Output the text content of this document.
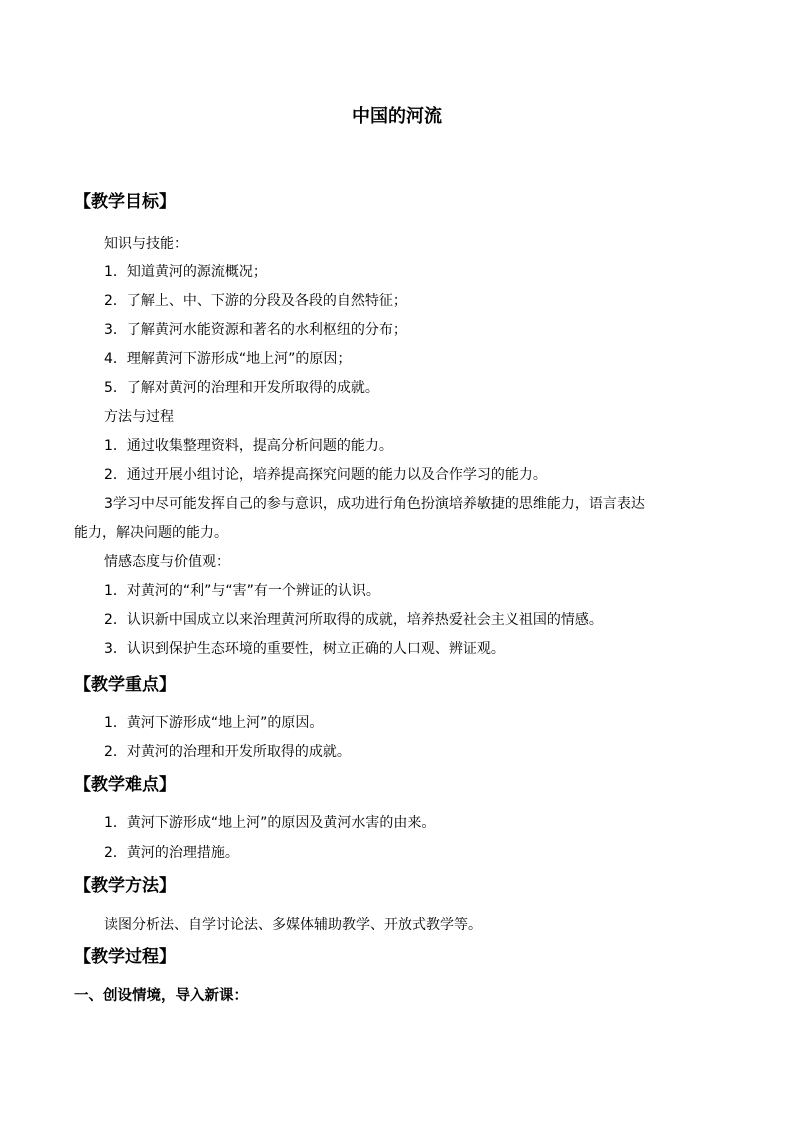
中国的河流
【教学目标】
知识与技能：
1．知道黄河的源流概况；
2．了解上、中、下游的分段及各段的自然特征；
3．了解黄河水能资源和著名的水利枢纽的分布；
4．理解黄河下游形成“地上河”的原因；
5．了解对黄河的治理和开发所取得的成就。
方法与过程
1．通过收集整理资料，提高分析问题的能力。
2．通过开展小组讨论，培养提高探究问题的能力以及合作学习的能力。
3学习中尽可能发挥自己的参与意识，成功进行角色扮演培养敏捷的思维能力，语言表达
能力，解决问题的能力。
情感态度与价值观：
1．对黄河的“利”与“害”有一个辨证的认识。
2．认识新中国成立以来治理黄河所取得的成就，培养热爱社会主义祖国的情感。
3．认识到保护生态环境的重要性，树立正确的人口观、辨证观。
【教学重点】
1．黄河下游形成“地上河”的原因。
2．对黄河的治理和开发所取得的成就。
【教学难点】
1．黄河下游形成“地上河”的原因及黄河水害的由来。
2．黄河的治理措施。
【教学方法】
读图分析法、自学讨论法、多媒体辅助教学、开放式教学等。
【教学过程】
一、创设情境，导入新课：
